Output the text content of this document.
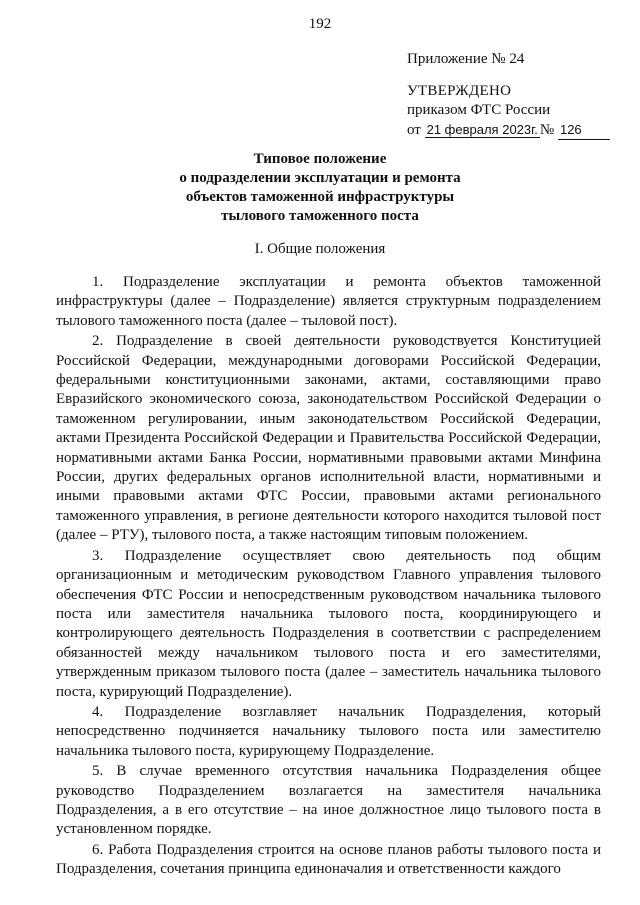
192
Приложение № 24
УТВЕРЖДЕНО
приказом ФТС России
от 21 февраля 2023г. № 126
Типовое положение
о подразделении эксплуатации и ремонта
объектов таможенной инфраструктуры
тылового таможенного поста
I. Общие положения

1. Подразделение эксплуатации и ремонта объектов таможенной инфраструктуры (далее – Подразделение) является структурным подразделением тылового таможенного поста (далее – тыловой пост).

2. Подразделение в своей деятельности руководствуется Конституцией Российской Федерации, международными договорами Российской Федерации, федеральными конституционными законами, актами, составляющими право Евразийского экономического союза, законодательством Российской Федерации о таможенном регулировании, иным законодательством Российской Федерации, актами Президента Российской Федерации и Правительства Российской Федерации, нормативными актами Банка России, нормативными правовыми актами Минфина России, других федеральных органов исполнительной власти, нормативными и иными правовыми актами ФТС России, правовыми актами регионального таможенного управления, в регионе деятельности которого находится тыловой пост (далее – РТУ), тылового поста, а также настоящим типовым положением.

3. Подразделение осуществляет свою деятельность под общим организационным и методическим руководством Главного управления тылового обеспечения ФТС России и непосредственным руководством начальника тылового поста или заместителя начальника тылового поста, координирующего и контролирующего деятельность Подразделения в соответствии с распределением обязанностей между начальником тылового поста и его заместителями, утвержденным приказом тылового поста (далее – заместитель начальника тылового поста, курирующий Подразделение).

4. Подразделение возглавляет начальник Подразделения, который непосредственно подчиняется начальнику тылового поста или заместителю начальника тылового поста, курирующему Подразделение.

5. В случае временного отсутствия начальника Подразделения общее руководство Подразделением возлагается на заместителя начальника Подразделения, а в его отсутствие – на иное должностное лицо тылового поста в установленном порядке.

6. Работа Подразделения строится на основе планов работы тылового поста и Подразделения, сочетания принципа единоначалия и ответственности каждого
